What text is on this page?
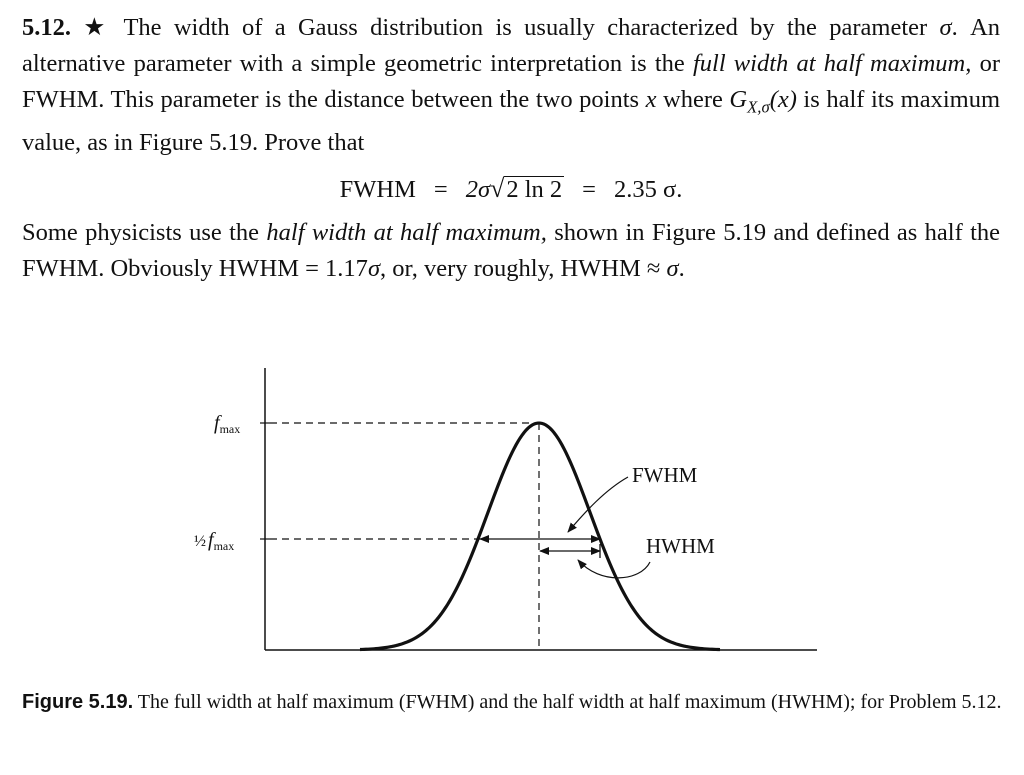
5.12. ★ The width of a Gauss distribution is usually characterized by the parameter σ. An alternative parameter with a simple geometric interpretation is the full width at half maximum, or FWHM. This parameter is the distance between the two points x where $G_{X,\sigma}(x)$ is half its maximum value, as in Figure 5.19. Prove that

FWHM = 2σ√2 ln 2 = 2.35 σ.

Some physicists use the half width at half maximum, shown in Figure 5.19 and defined as half the FWHM. Obviously HWHM = 1.17σ, or, very roughly, HWHM ≈ σ.

$f_{max}$
½ $f_{max}$
FWHM
HWHM

Figure 5.19. The full width at half maximum (FWHM) and the half width at half maximum (HWHM); for Problem 5.12.
